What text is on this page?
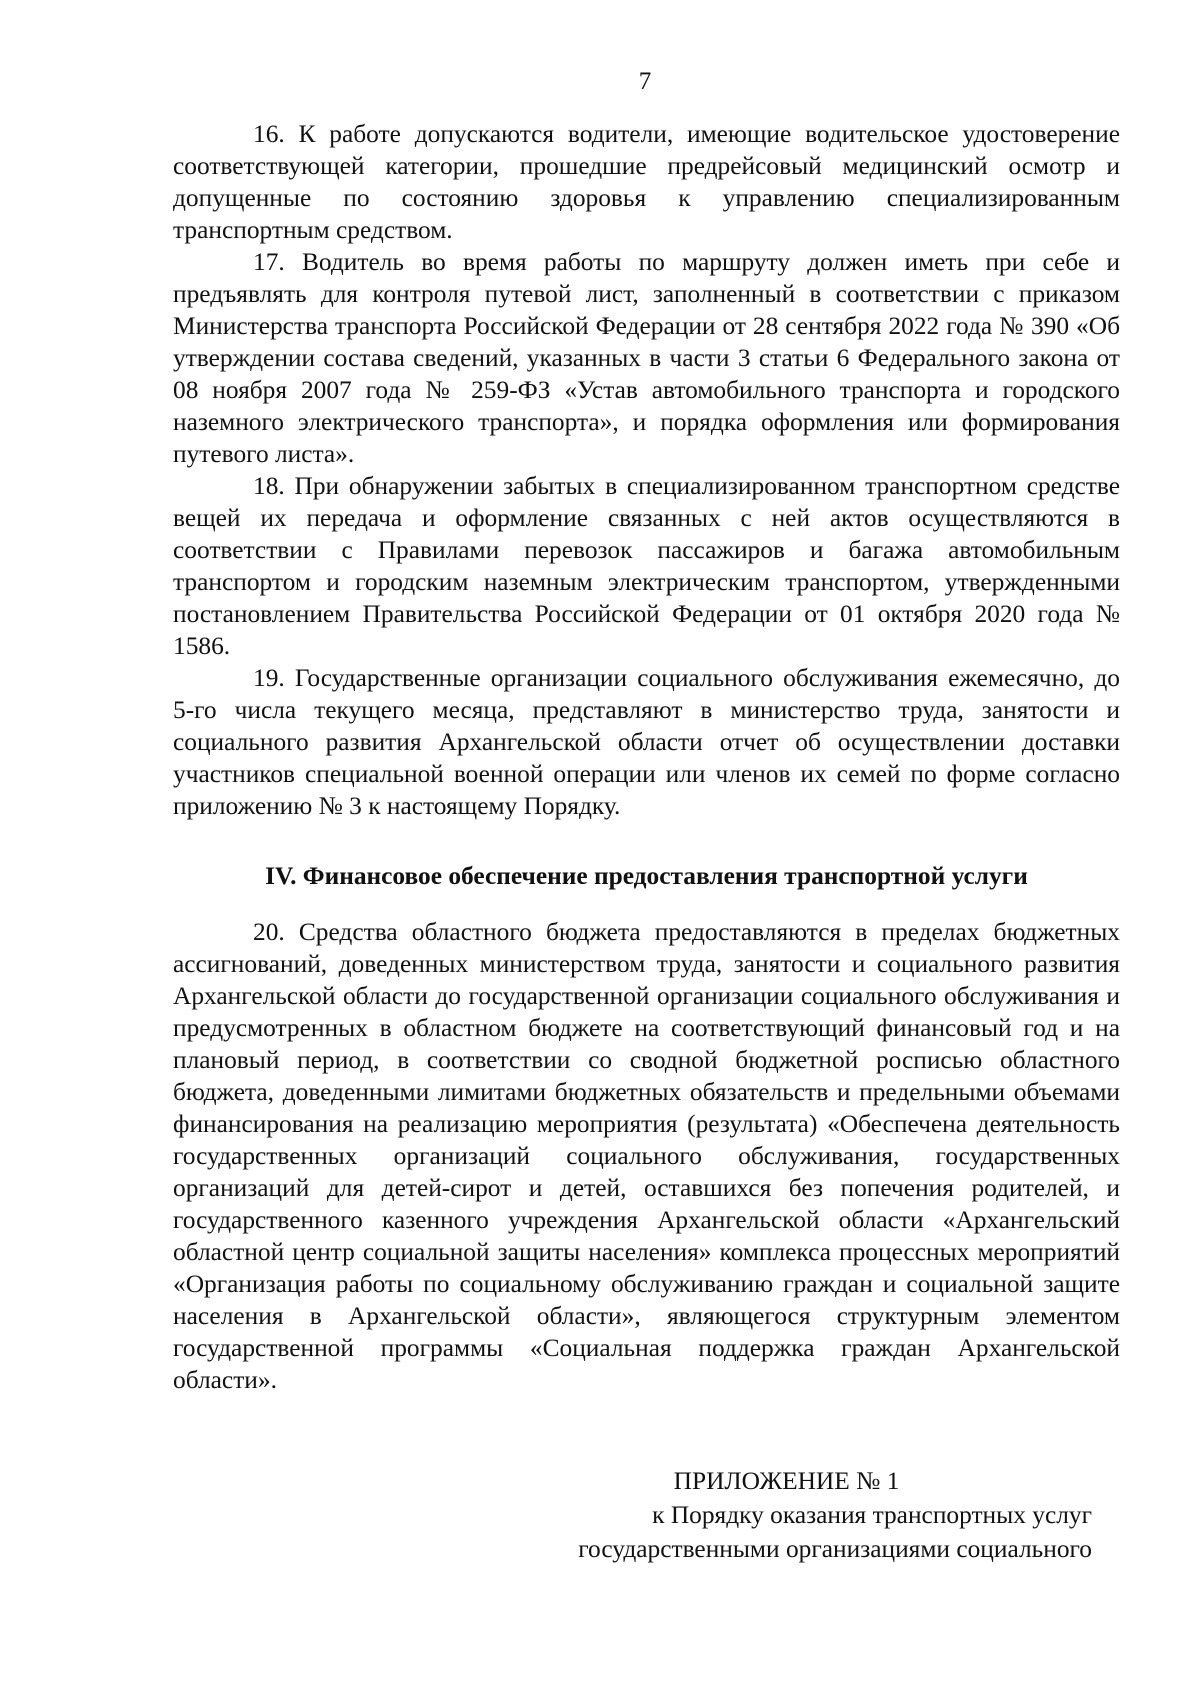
7

16. К работе допускаются водители, имеющие водительское удостоверение соответствующей категории, прошедшие предрейсовый медицинский осмотр и допущенные по состоянию здоровья к управлению специализированным транспортным средством.

17. Водитель во время работы по маршруту должен иметь при себе и предъявлять для контроля путевой лист, заполненный в соответствии с приказом Министерства транспорта Российской Федерации от 28 сентября 2022 года № 390 «Об утверждении состава сведений, указанных в части 3 статьи 6 Федерального закона от 08 ноября 2007 года № 259-ФЗ «Устав автомобильного транспорта и городского наземного электрического транспорта», и порядка оформления или формирования путевого листа».

18. При обнаружении забытых в специализированном транспортном средстве вещей их передача и оформление связанных с ней актов осуществляются в соответствии с Правилами перевозок пассажиров и багажа автомобильным транспортом и городским наземным электрическим транспортом, утвержденными постановлением Правительства Российской Федерации от 01 октября 2020 года № 1586.

19. Государственные организации социального обслуживания ежемесячно, до 5-го числа текущего месяца, представляют в министерство труда, занятости и социального развития Архангельской области отчет об осуществлении доставки участников специальной военной операции или членов их семей по форме согласно приложению № 3 к настоящему Порядку.

IV. Финансовое обеспечение предоставления транспортной услуги

20. Средства областного бюджета предоставляются в пределах бюджетных ассигнований, доведенных министерством труда, занятости и социального развития Архангельской области до государственной организации социального обслуживания и предусмотренных в областном бюджете на соответствующий финансовый год и на плановый период, в соответствии со сводной бюджетной росписью областного бюджета, доведенными лимитами бюджетных обязательств и предельными объемами финансирования на реализацию мероприятия (результата) «Обеспечена деятельность государственных организаций социального обслуживания, государственных организаций для детей-сирот и детей, оставшихся без попечения родителей, и государственного казенного учреждения Архангельской области «Архангельский областной центр социальной защиты населения» комплекса процессных мероприятий «Организация работы по социальному обслуживанию граждан и социальной защите населения в Архангельской области», являющегося структурным элементом государственной программы «Социальная поддержка граждан Архангельской области».

ПРИЛОЖЕНИЕ № 1
к Порядку оказания транспортных услуг
государственными организациями социального
